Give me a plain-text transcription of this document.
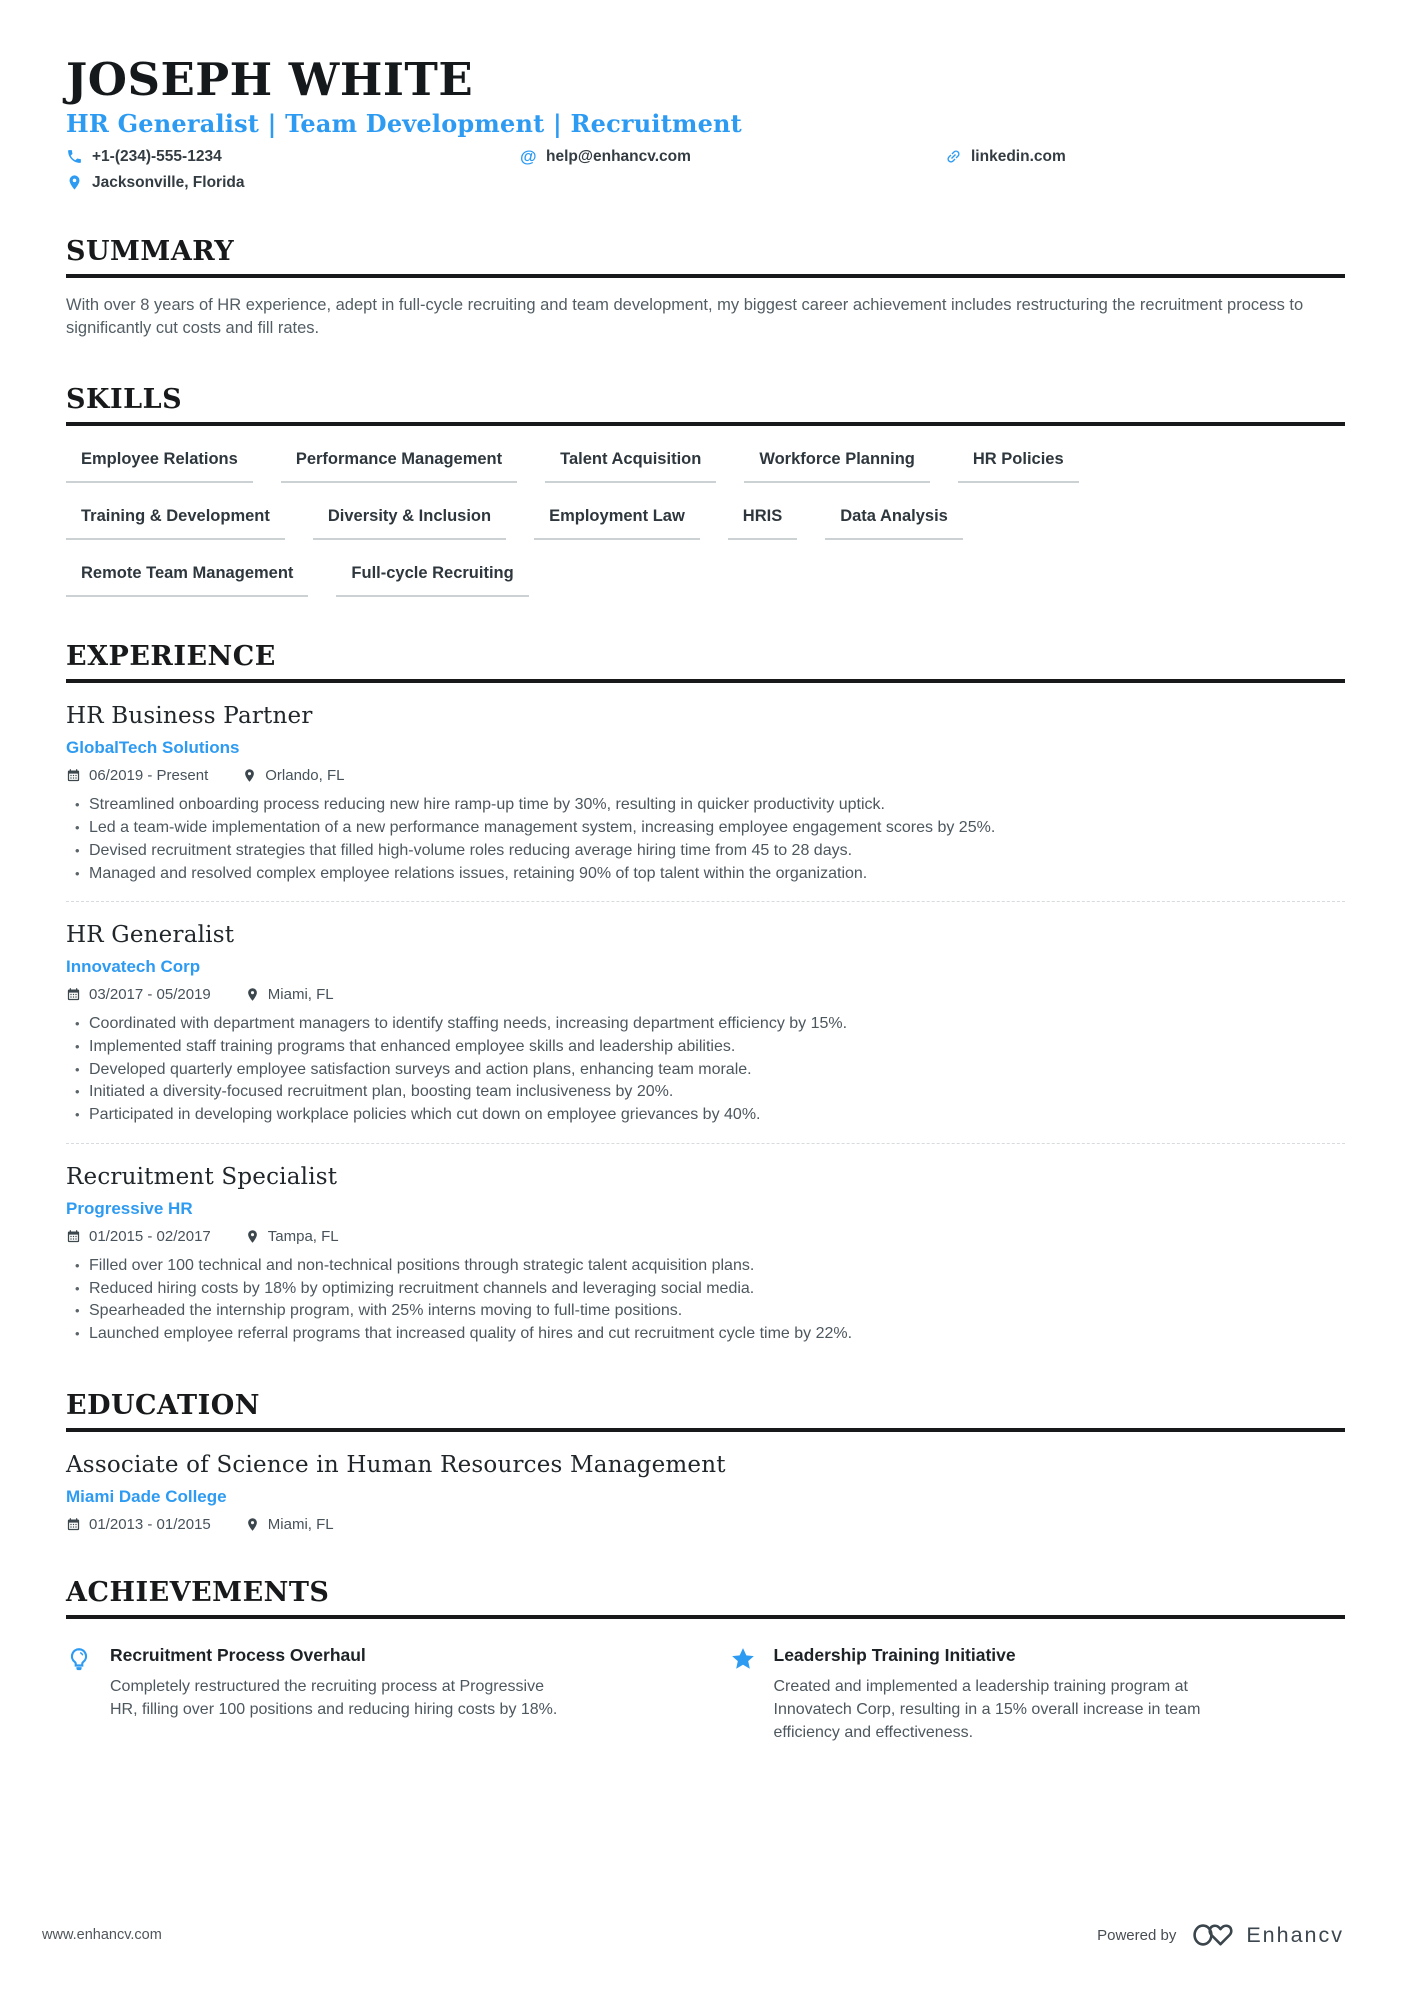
JOSEPH WHITE
HR Generalist | Team Development | Recruitment
+1-(234)-555-1234	@ help@enhancv.com	linkedin.com
Jacksonville, Florida
SUMMARY
With over 8 years of HR experience, adept in full-cycle recruiting and team development, my biggest career achievement includes restructuring the recruitment process to significantly cut costs and fill rates.
SKILLS
Employee Relations	Performance Management	Talent Acquisition	Workforce Planning	HR Policies
Training & Development	Diversity & Inclusion	Employment Law	HRIS	Data Analysis
Remote Team Management	Full-cycle Recruiting
EXPERIENCE
HR Business Partner
GlobalTech Solutions
06/2019 - Present	Orlando, FL
• Streamlined onboarding process reducing new hire ramp-up time by 30%, resulting in quicker productivity uptick.
• Led a team-wide implementation of a new performance management system, increasing employee engagement scores by 25%.
• Devised recruitment strategies that filled high-volume roles reducing average hiring time from 45 to 28 days.
• Managed and resolved complex employee relations issues, retaining 90% of top talent within the organization.
HR Generalist
Innovatech Corp
03/2017 - 05/2019	Miami, FL
• Coordinated with department managers to identify staffing needs, increasing department efficiency by 15%.
• Implemented staff training programs that enhanced employee skills and leadership abilities.
• Developed quarterly employee satisfaction surveys and action plans, enhancing team morale.
• Initiated a diversity-focused recruitment plan, boosting team inclusiveness by 20%.
• Participated in developing workplace policies which cut down on employee grievances by 40%.
Recruitment Specialist
Progressive HR
01/2015 - 02/2017	Tampa, FL
• Filled over 100 technical and non-technical positions through strategic talent acquisition plans.
• Reduced hiring costs by 18% by optimizing recruitment channels and leveraging social media.
• Spearheaded the internship program, with 25% interns moving to full-time positions.
• Launched employee referral programs that increased quality of hires and cut recruitment cycle time by 22%.
EDUCATION
Associate of Science in Human Resources Management
Miami Dade College
01/2013 - 01/2015	Miami, FL
ACHIEVEMENTS
Recruitment Process Overhaul
Completely restructured the recruiting process at Progressive HR, filling over 100 positions and reducing hiring costs by 18%.
Leadership Training Initiative
Created and implemented a leadership training program at Innovatech Corp, resulting in a 15% overall increase in team efficiency and effectiveness.
www.enhancv.com	Powered by	Enhancv
